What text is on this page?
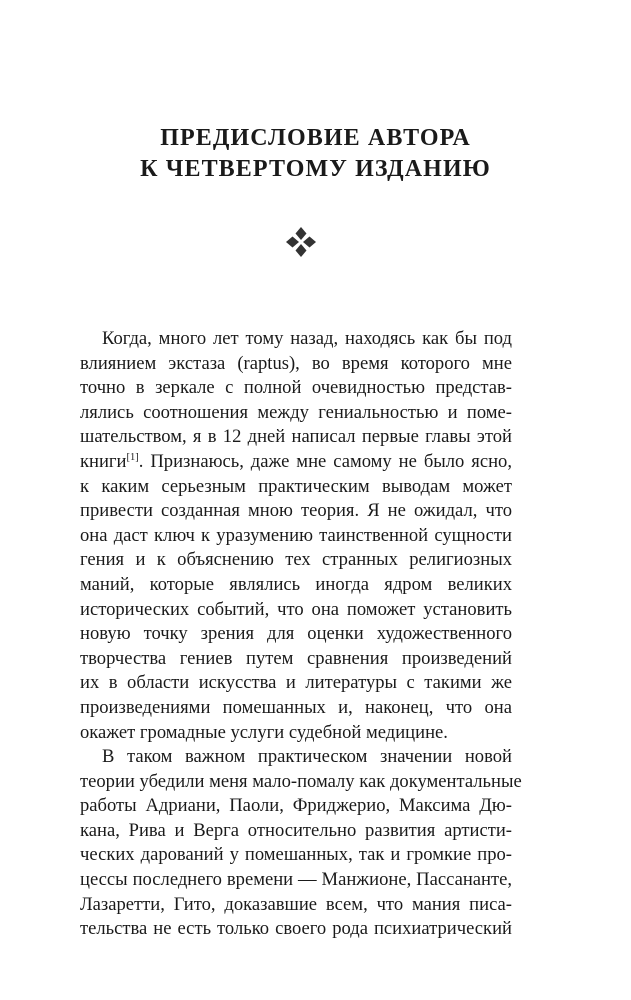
ПРЕДИСЛОВИЕ АВТОРА
К ЧЕТВЕРТОМУ ИЗДАНИЮ
Когда, много лет тому назад, находясь как бы под
влиянием экстаза (raptus), во время которого мне
точно в зеркале с полной очевидностью представ-
лялись соотношения между гениальностью и поме-
шательством, я в 12 дней написал первые главы этой
книги[1]. Признаюсь, даже мне самому не было ясно,
к каким серьезным практическим выводам может
привести созданная мною теория. Я не ожидал, что
она даст ключ к уразумению таинственной сущности
гения и к объяснению тех странных религиозных
маний, которые являлись иногда ядром великих
исторических событий, что она поможет установить
новую точку зрения для оценки художественного
творчества гениев путем сравнения произведений
их в области искусства и литературы с такими же
произведениями помешанных и, наконец, что она
окажет громадные услуги судебной медицине.
В таком важном практическом значении новой
теории убедили меня мало-помалу как документальные
работы Адриани, Паоли, Фриджерио, Максима Дю-
кана, Рива и Верга относительно развития артисти-
ческих дарований у помешанных, так и громкие про-
цессы последнего времени — Манжионе, Пассананте,
Лазаретти, Гито, доказавшие всем, что мания писа-
тельства не есть только своего рода психиатрический
